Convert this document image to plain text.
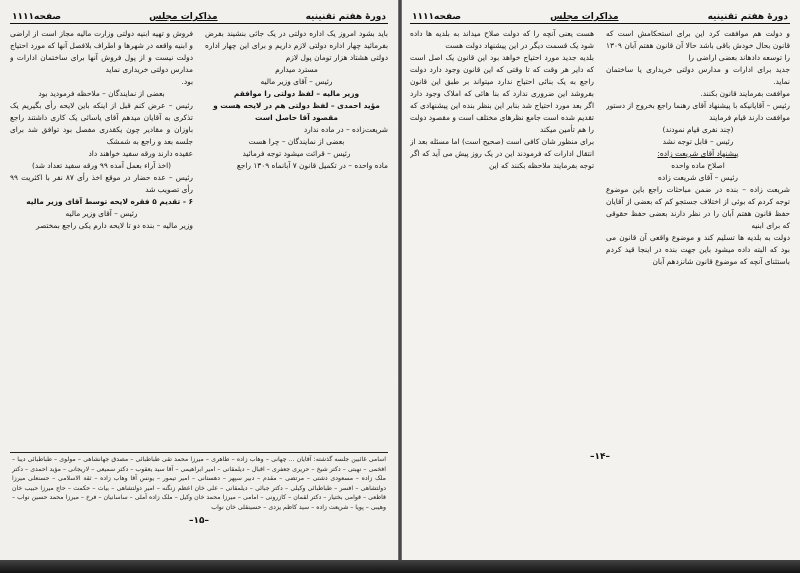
دورهٔ هفتم تقنینیه
مذاکرات مجلس
صفحه۱۱۱۱

باید بشود امروز یک اداره دولتی در یک جائی بنشیند بفرض بفرمائید چهار اداره دولتی لازم داریم و برای این چهار اداره دولتی هشتاد هزار تومان پول لازم

مسترد میدارم

رئیس – آقای وزیر مالیه

وزیر مالیه – لفظ دولتی را موافقم

مؤید احمدی – لفظ دولتی هم در لایحه هست و مقصود آقا حاصل است

شریعت‌زاده – در ماده ندارد

بعضی از نمایندگان – چرا هست

رئیس – قرائت میشود توجه فرمائید

ماده واحده – در تکمیل قانون ۷ آبانماه ۱۳۰۹ راجع

فروش و تهیه ابنیه دولتی وزارت مالیه مجاز است از اراضی و ابنیه واقعه در شهرها و اطراف بلافصل آنها که مورد احتیاج دولت نیست و از پول فروش آنها برای ساختمان ادارات و مدارس دولتی خریداری نماید

بود.

بعضی از نمایندگان – ملاحظه فرمودید بود

رئیس – عرض کنم قبل از اینکه باین لایحه رأی بگیریم یک تذکری به آقایان میدهم آقای یاسائی یک کاری داشتند راجع باوزان و مقادیر چون یکقدری مفصل بود توافق شد برای جلسه بعد و راجع به شمشک

عقیده دارند ورقه سفید خواهند داد

(اخذ آراء بعمل آمده ۹۹ ورقه سفید تعداد شد)

رئیس – عده حضار در موقع اخذ رأی ۸۷ نفر با اکثریت ۹۹ رأی تصویب شد

۶ - تقدیم ۵ فقره لایحه توسط آقای وزیر مالیه

رئیس – آقای وزیر مالیه

وزیر مالیه – بنده دو تا لایحه دارم یکی راجع بمختصر

اسامی غائبین جلسه گذشته: آقایان ... چهانی – وهاب زاده – طاهری – میرزا محمد تقی طباطبائی – مصدق جهانشاهی – مولوی – طباطبائی دیبا – افخمی – نهبتی – دکتر شیخ – حریری جعفری – اقبال – دیلمقانی – امیر ابراهیمی – آقا سید یعقوب – دکتر سمیعی – لاریجانی – مؤید احمدی – دکتر ملک زاده – مسعودی دشتی – مرتضی – مقدم – دبیر سپهر – دهستانی – امیر تیمور – یونس آقا وهاب زاده – ثقة الاسلامی – حسنعلی میرزا دولتشاهی – افسر – طباطبائی وکیلی – دکتر جبائی – دیلمقانی – علی خان اعظم زنگنه – امیر دولتشاهی – بیات – حکمت – حاج میرزا حبیب خان قاطعی – قوامی بختیار – دکتر لقمان – کازرونی – امامی – میرزا محمد خان وکیل – ملک زاده آملی – ساسانیان – فرخ – میرزا محمد حسین نواب – وهیبی – پویا – شریعت زاده – سید کاظم یزدی – حسینقلی خان نواب
–۱۵–
دورهٔ هفتم تقنینیه
مذاکرات مجلس
صفحه۱۱۱۱

و دولت هم موافقت کرد این برای استحکامش است که قانون بحال خودش باقی باشد حالا آن قانون هفتم آبان ۱۳۰۹ را توسعه دادهاند بعضی اراضی را

جدید برای ادارات و مدارس دولتی خریداری یا ساختمان نماید.

موافقت بفرمایند قانون بکنند.

رئیس – آقایانیکه با پیشنهاد آقای رهنما راجع بخروج از دستور موافقت دارند قیام فرمایند

(چند نفری قیام نمودند)

رئیس – قابل توجه نشد

پیشنهاد آقای شریعت زاده:

اصلاح ماده واحده

رئیس – آقای شریعت زاده

شریعت زاده – بنده در ضمن مباحثات راجع باین موضوع توجه کردم که بوئی از اختلاف جستجو کم که بعضی از آقایان حفظ قانون هفتم آبان را در نظر دارند بعضی حفظ حقوقی که برای ابنیه

دولت به بلدیه ها تسلیم کند و موضوع واقعی آن قانون می بود که البته داده میشود باین جهت بنده در اینجا قید کردم باستثنای آنچه که موضوع قانون شانزدهم آبان

هست یعنی آنچه را که دولت صلاح میداند به بلدیه ها داده شود یک قسمت دیگر در این پیشنهاد دولت هست

بلدیه جدید مورد احتیاج خواهد بود این قانون یک اصل است که دایر هر وقت که تا وقتی که این قانون وجود دارد دولت راجع به یک بنائی احتیاج ندارد میتواند بر طبق این قانون بفروشد این ضروری ندارد که بنا هائی که املاک وجود دارد اگر بعد مورد احتیاج شد بنابر این بنظر بنده این پیشنهادی که تقدیم شده است جامع نظرهای مختلف است و مقصود دولت را هم تأمین میکند

برای منظور شان کافی است (صحیح است) اما مسئله بعد از انتقال ادارات که فرمودند این در یک روز پیش می آید که اگر توجه بفرمایند ملاحظه بکنند که این

–۱۴–
